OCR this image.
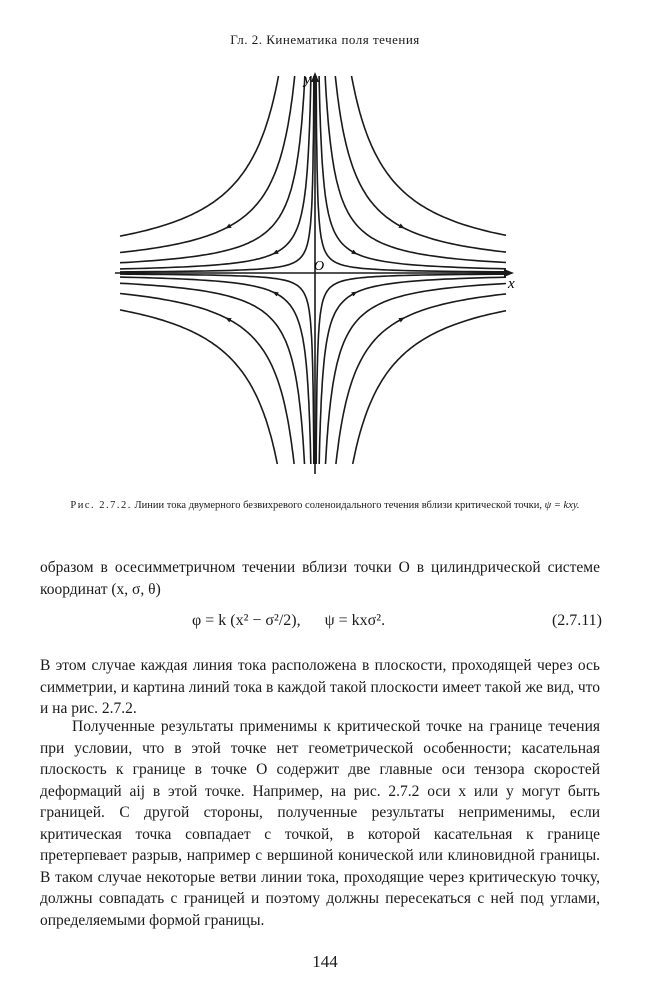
Гл. 2. Кинематика поля течения
x
y
O
Рис. 2.7.2. Линии тока двумерного безвихревого соленоидального течения вблизи критической точки, ψ = kxy.
образом в осесимметричном течении вблизи точки O в цилиндрической системе координат (x, σ, θ)
φ = k (x² − σ²/2), ψ = kxσ².	(2.7.11)
В этом случае каждая линия тока расположена в плоскости, проходящей через ось симметрии, и картина линий тока в каждой такой плоскости имеет такой же вид, что и на рис. 2.7.2.
Полученные результаты применимы к критической точке на границе течения при условии, что в этой точке нет геометрической особенности; касательная плоскость к границе в точке O содержит две главные оси тензора скоростей деформаций aij в этой точке. Например, на рис. 2.7.2 оси x или y могут быть границей. С другой стороны, полученные результаты неприменимы, если критическая точка совпадает с точкой, в которой касательная к границе претерпевает разрыв, например с вершиной конической или клиновидной границы. В таком случае некоторые ветви линии тока, проходящие через критическую точку, должны совпадать с границей и поэтому должны пересекаться с ней под углами, определяемыми формой границы.
144
